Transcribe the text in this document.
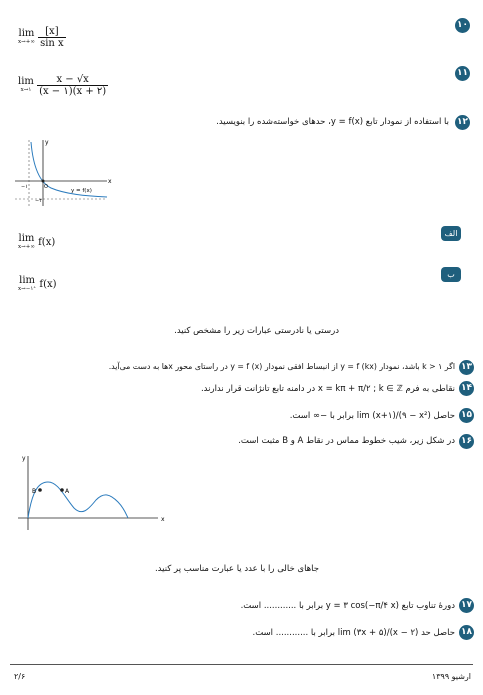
۱۰
lim
x→+∞
$\frac{[x]}{\text{sin x}}$
۱۱
lim
x→۱
$\frac{x - √x}{(x - ۱)(x + ۲)}$
۱۲
با استفاده از نمودار تابع y = f(x)، حدهای خواسته‌شده را بنویسید.
x
y
−۱	O
−۲
y = f(x)
الف
lim
x→+∞ f(x)
ب
lim
x→−۱⁺ f(x)
درستی یا نادرستی عبارات زیر را مشخص کنید.
۱۳
اگر k > ۱ باشد، نمودار y = f (kx) از انبساط افقی نمودار y = f (x) در راستای محور xها به دست می‌آید.
۱۴
نقاطی به فرم x = kπ + π/۲ ; k ∈ ℤ در دامنه تابع تانژانت قرار ندارند.
۱۵
حاصل lim (x+۱)/(۹ − x²) برابر با −∞ است.
۱۶
در شکل زیر، شیب خطوط مماس در نقاط A و B مثبت است.
B	A
x
y
جاهای خالی را با عدد یا عبارت مناسب پر کنید.
۱۷
دورهٔ تناوب تابع y = ۳ cos(−π/۴ x) برابر با ............ است.
۱۸
حاصل حد lim (۳x + ۵)/(x − ۲) برابر با ............ است.
۲/۶	ارشیو ۱۳۹۹
